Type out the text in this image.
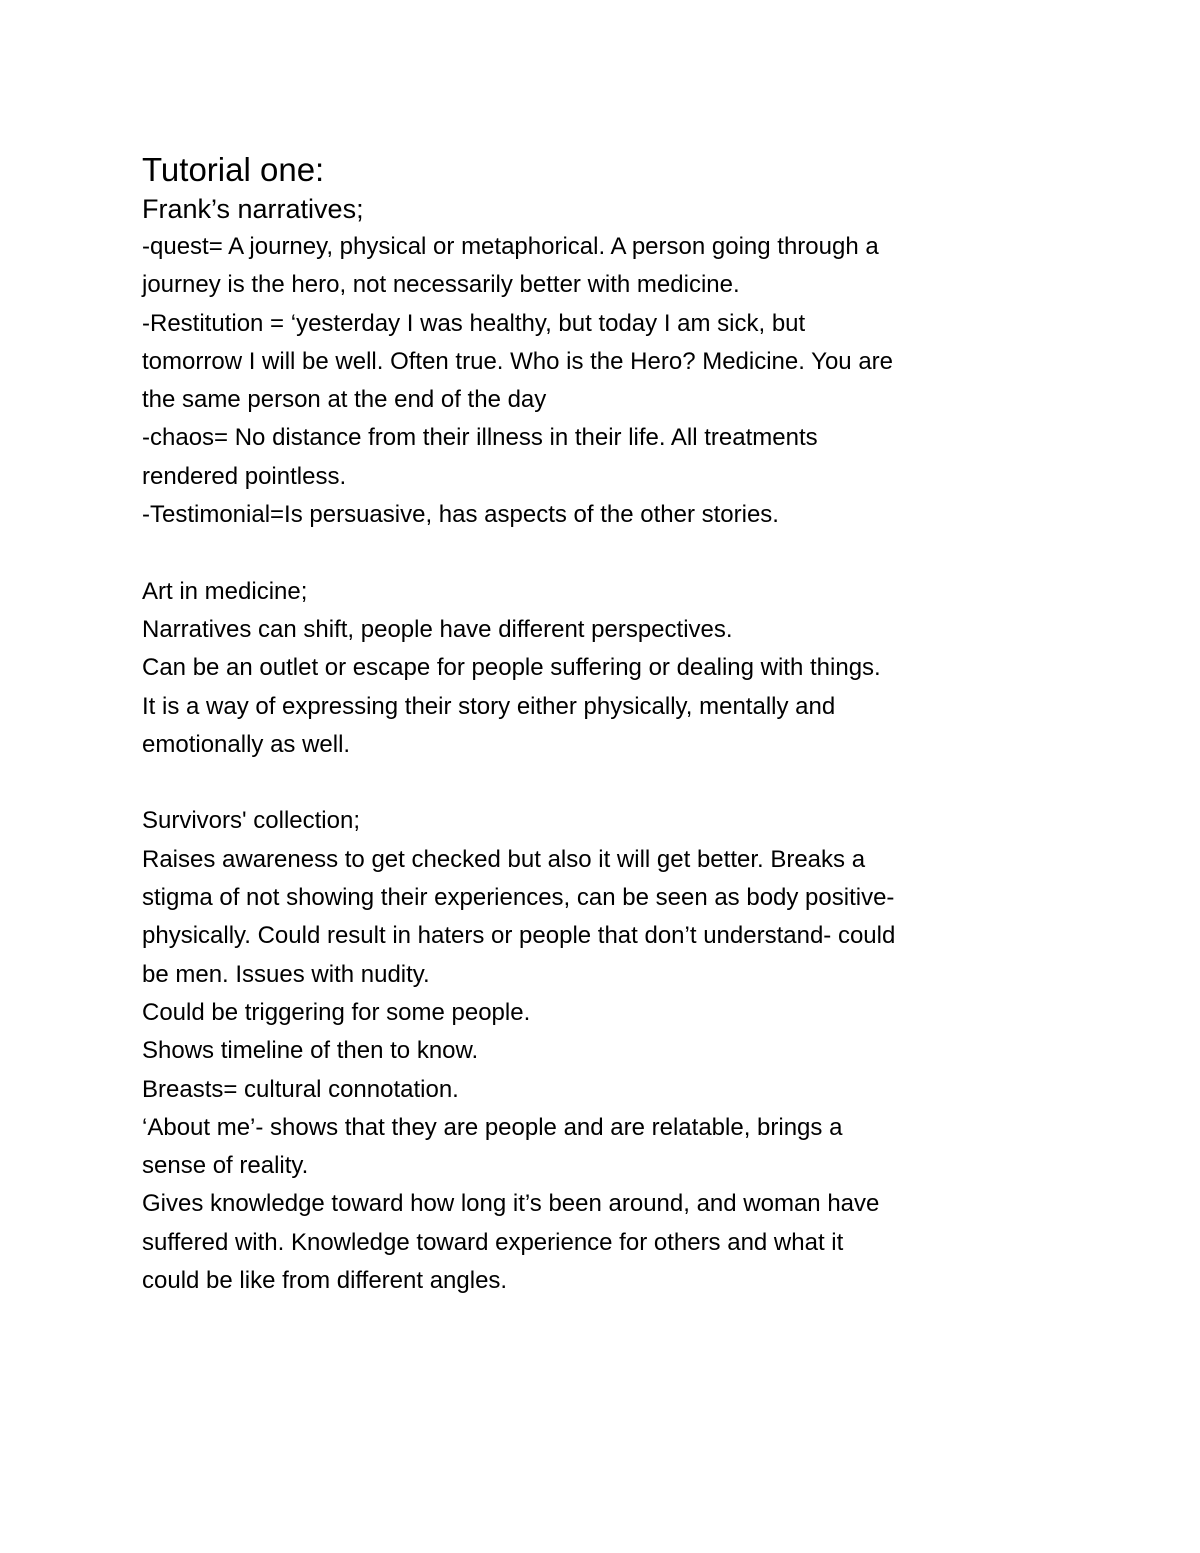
Tutorial one:
Frank’s narratives;

-quest= A journey, physical or metaphorical. A person going through a

journey is the hero, not necessarily better with medicine.

-Restitution = ‘yesterday I was healthy, but today I am sick, but

tomorrow I will be well. Often true. Who is the Hero? Medicine. You are

the same person at the end of the day

-chaos= No distance from their illness in their life. All treatments

rendered pointless.

-Testimonial=Is persuasive, has aspects of the other stories.

Art in medicine;

Narratives can shift, people have different perspectives.

Can be an outlet or escape for people suffering or dealing with things.

It is a way of expressing their story either physically, mentally and

emotionally as well.

Survivors' collection;

Raises awareness to get checked but also it will get better. Breaks a

stigma of not showing their experiences, can be seen as body positive-

physically. Could result in haters or people that don’t understand- could

be men. Issues with nudity.

Could be triggering for some people.

Shows timeline of then to know.

Breasts= cultural connotation.

‘About me’- shows that they are people and are relatable, brings a

sense of reality.

Gives knowledge toward how long it’s been around, and woman have

suffered with. Knowledge toward experience for others and what it

could be like from different angles.
